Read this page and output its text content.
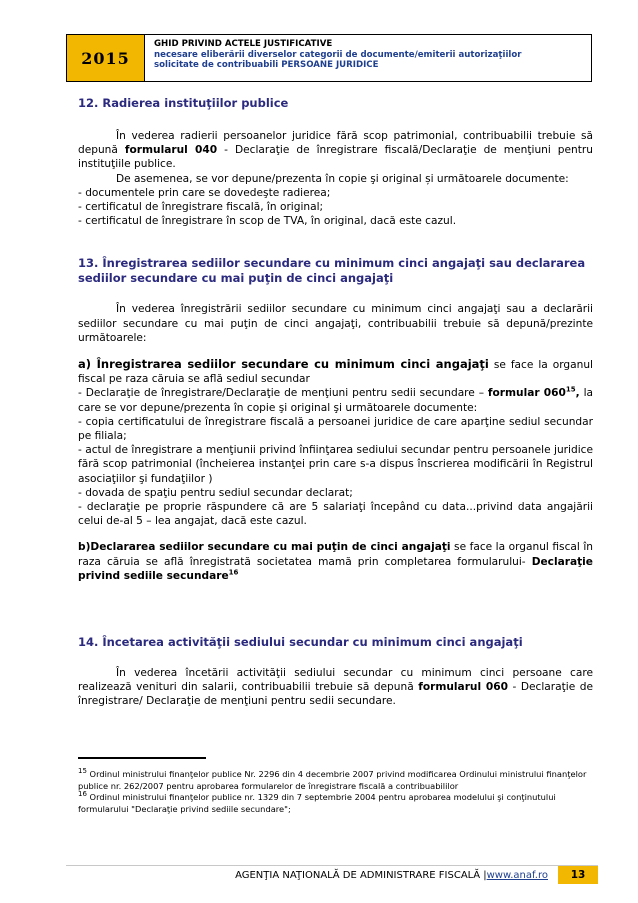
2015
GHID PRIVIND ACTELE JUSTIFICATIVE
necesare eliberării diverselor categorii de documente/emiterii autorizaţiilor
solicitate de contribuabili PERSOANE JURIDICE

12. Radierea instituţiilor publice

În vederea radierii persoanelor juridice fără scop patrimonial, contribuabilii trebuie să depună formularul 040 - Declaraţie de înregistrare fiscală/Declaraţie de menţiuni pentru instituţiile publice.

De asemenea, se vor depune/prezenta în copie şi original și următoarele documente:

- documentele prin care se dovedeşte radierea;

- certificatul de înregistrare fiscală, în original;

- certificatul de înregistrare în scop de TVA, în original, dacă este cazul.

13. Înregistrarea sediilor secundare cu minimum cinci angajaţi sau declararea sediilor secundare cu mai puţin de cinci angajaţi

În vederea înregistrării sediilor secundare cu minimum cinci angajaţi sau a declarării sediilor secundare cu mai puţin de cinci angajaţi, contribuabilii trebuie să depună/prezinte următoarele:

a) Înregistrarea sediilor secundare cu minimum cinci angajaţi se face la organul fiscal pe raza căruia se află sediul secundar

- Declaraţie de înregistrare/Declaraţie de menţiuni pentru sedii secundare – formular $060^{15}$, la care se vor depune/prezenta în copie şi original şi următoarele documente:

- copia certificatului de înregistrare fiscală a persoanei juridice de care aparţine sediul secundar pe filiala;

- actul de înregistrare a menţiunii privind înfiinţarea sediului secundar pentru persoanele juridice fără scop patrimonial (încheierea instanţei prin care s-a dispus înscrierea modificării în Registrul asociaţiilor şi fundaţiilor )

- dovada de spaţiu pentru sediul secundar declarat;

- declaraţie pe proprie răspundere că are 5 salariaţi începând cu data...privind data angajării celui de-al 5 – lea angajat, dacă este cazul.

b)Declararea sediilor secundare cu mai puţin de cinci angajaţi se face la organul fiscal în raza căruia se află înregistrată societatea mamă prin completarea formularului- Declaraţie privind sediile secundare$^{16}$

14. Încetarea activităţii sediului secundar cu minimum cinci angajaţi

În vederea încetării activităţii sediului secundar cu minimum cinci persoane care realizează venituri din salarii, contribuabilii trebuie să depună formularul 060 - Declaraţie de înregistrare/ Declaraţie de menţiuni pentru sedii secundare.

$^{15}$ Ordinul ministrului finanţelor publice Nr. 2296 din 4 decembrie 2007 privind modificarea Ordinului ministrului finanţelor publice nr. 262/2007 pentru aprobarea formularelor de înregistrare fiscală a contribuabililor

$^{16}$ Ordinul ministrului finanţelor publice nr. 1329 din 7 septembrie 2004 pentru aprobarea modelului şi conţinutului formularului "Declaraţie privind sediile secundare";

AGENŢIA NAŢIONALĂ DE ADMINISTRARE FISCALĂ |www.anaf.ro	13
